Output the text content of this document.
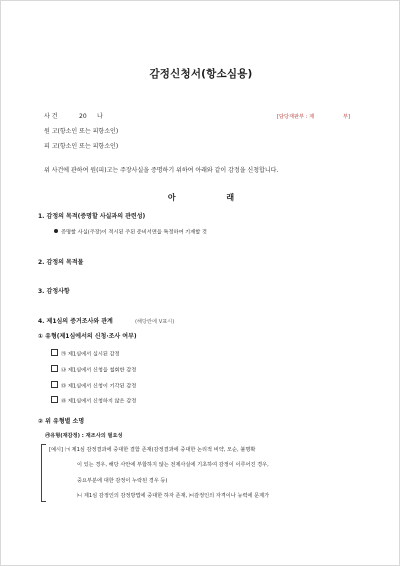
감정신청서(항소심용)
사 건	20 나	[담당재판부 : 제	부]
원 고(항소인 또는 피항소인)
피 고(항소인 또는 피항소인)
위 사건에 관하여 원(피)고는 주장사실을 증명하기 위하여 아래와 같이 감정을 신청합니다.
아 래
1. 감정의 목적(증명할 사실과의 관련성)
증명할 사실(주장)이 적시된 주된 준비서면을 특정하여 기재할 것
2. 감정의 목적물
3. 감정사항
4. 제1심의 증거조사와 관계	(해당란에 V표시)
① 유형(제1심에서의 신청·조사 여부)
㉮ 제1심에서 실시된 감정
㉯ 제1심에서 신청을 철회한 감정
㉰ 제1심에서 신청이 기각된 감정
㉱ 제1심에서 신청하지 않은 감정
② 위 유형별 소명
㉮유형(재감정) : 재조사의 필요성
[예시] ㈀ 제1심 감정결과에 중대한 결함 존재(감정결과에 중대한 논리적 비약, 모순, 불명확
이 있는 경우, 해당 사안에 부합하지 않는 전제사실에 기초하여 감정이 이루어진 경우,
중요부분에 대한 감정이 누락된 경우 등)
㈁ 제1심 감정인의 감정방법에 중대한 하자 존재, ㈂감정인의 자격이나 능력에 문제가
